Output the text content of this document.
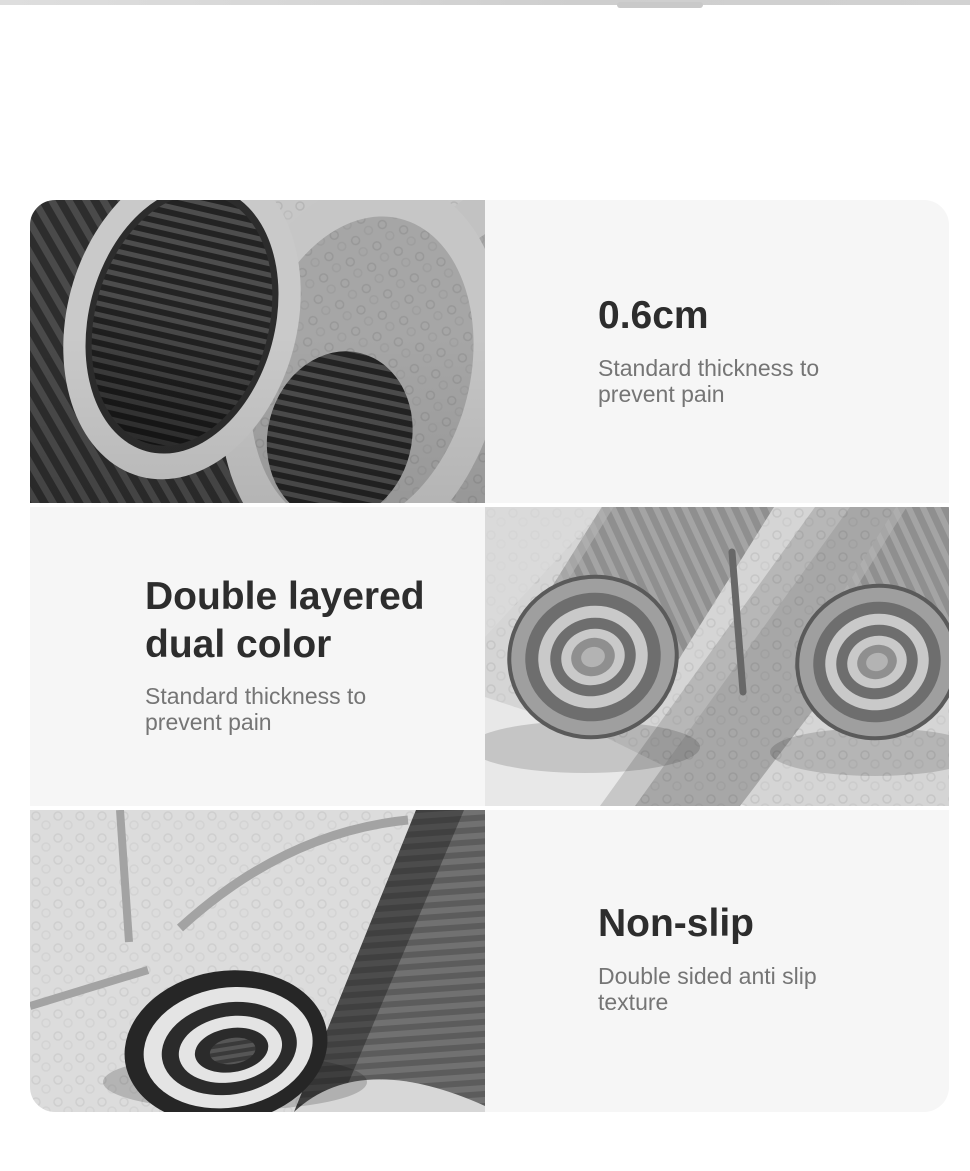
0.6cm
Standard thickness to prevent pain
Double layered dual color
Standard thickness to prevent pain
Non-slip
Double sided anti slip texture
